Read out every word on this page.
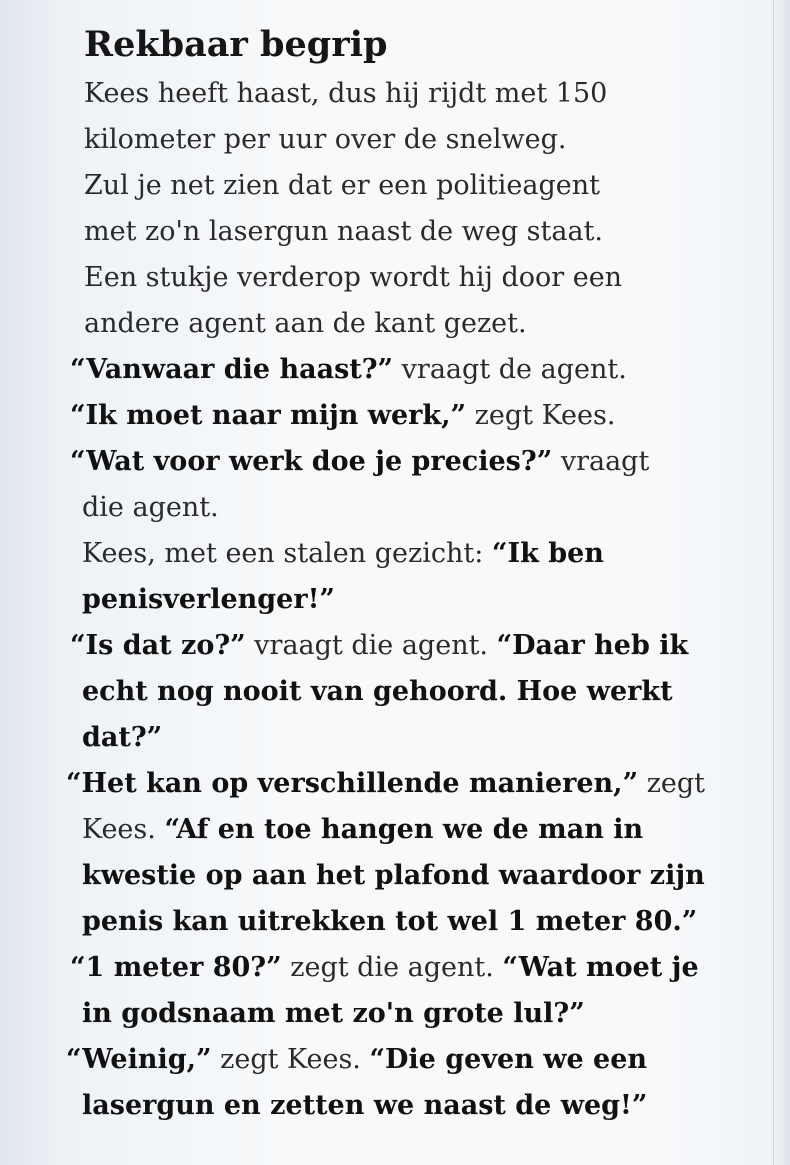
Rekbaar begrip
Kees heeft haast, dus hij rijdt met 150
kilometer per uur over de snelweg.
Zul je net zien dat er een politieagent
met zo'n lasergun naast de weg staat.
Een stukje verderop wordt hij door een
andere agent aan de kant gezet.
“Vanwaar die haast?” vraagt de agent.
“Ik moet naar mijn werk,” zegt Kees.
“Wat voor werk doe je precies?” vraagt
die agent.
Kees, met een stalen gezicht: “Ik ben
penisverlenger!”
“Is dat zo?” vraagt die agent. “Daar heb ik
echt nog nooit van gehoord. Hoe werkt
dat?”
“Het kan op verschillende manieren,” zegt
Kees. “Af en toe hangen we de man in
kwestie op aan het plafond waardoor zijn
penis kan uitrekken tot wel 1 meter 80.”
“1 meter 80?” zegt die agent. “Wat moet je
in godsnaam met zo'n grote lul?”
“Weinig,” zegt Kees. “Die geven we een
lasergun en zetten we naast de weg!”
